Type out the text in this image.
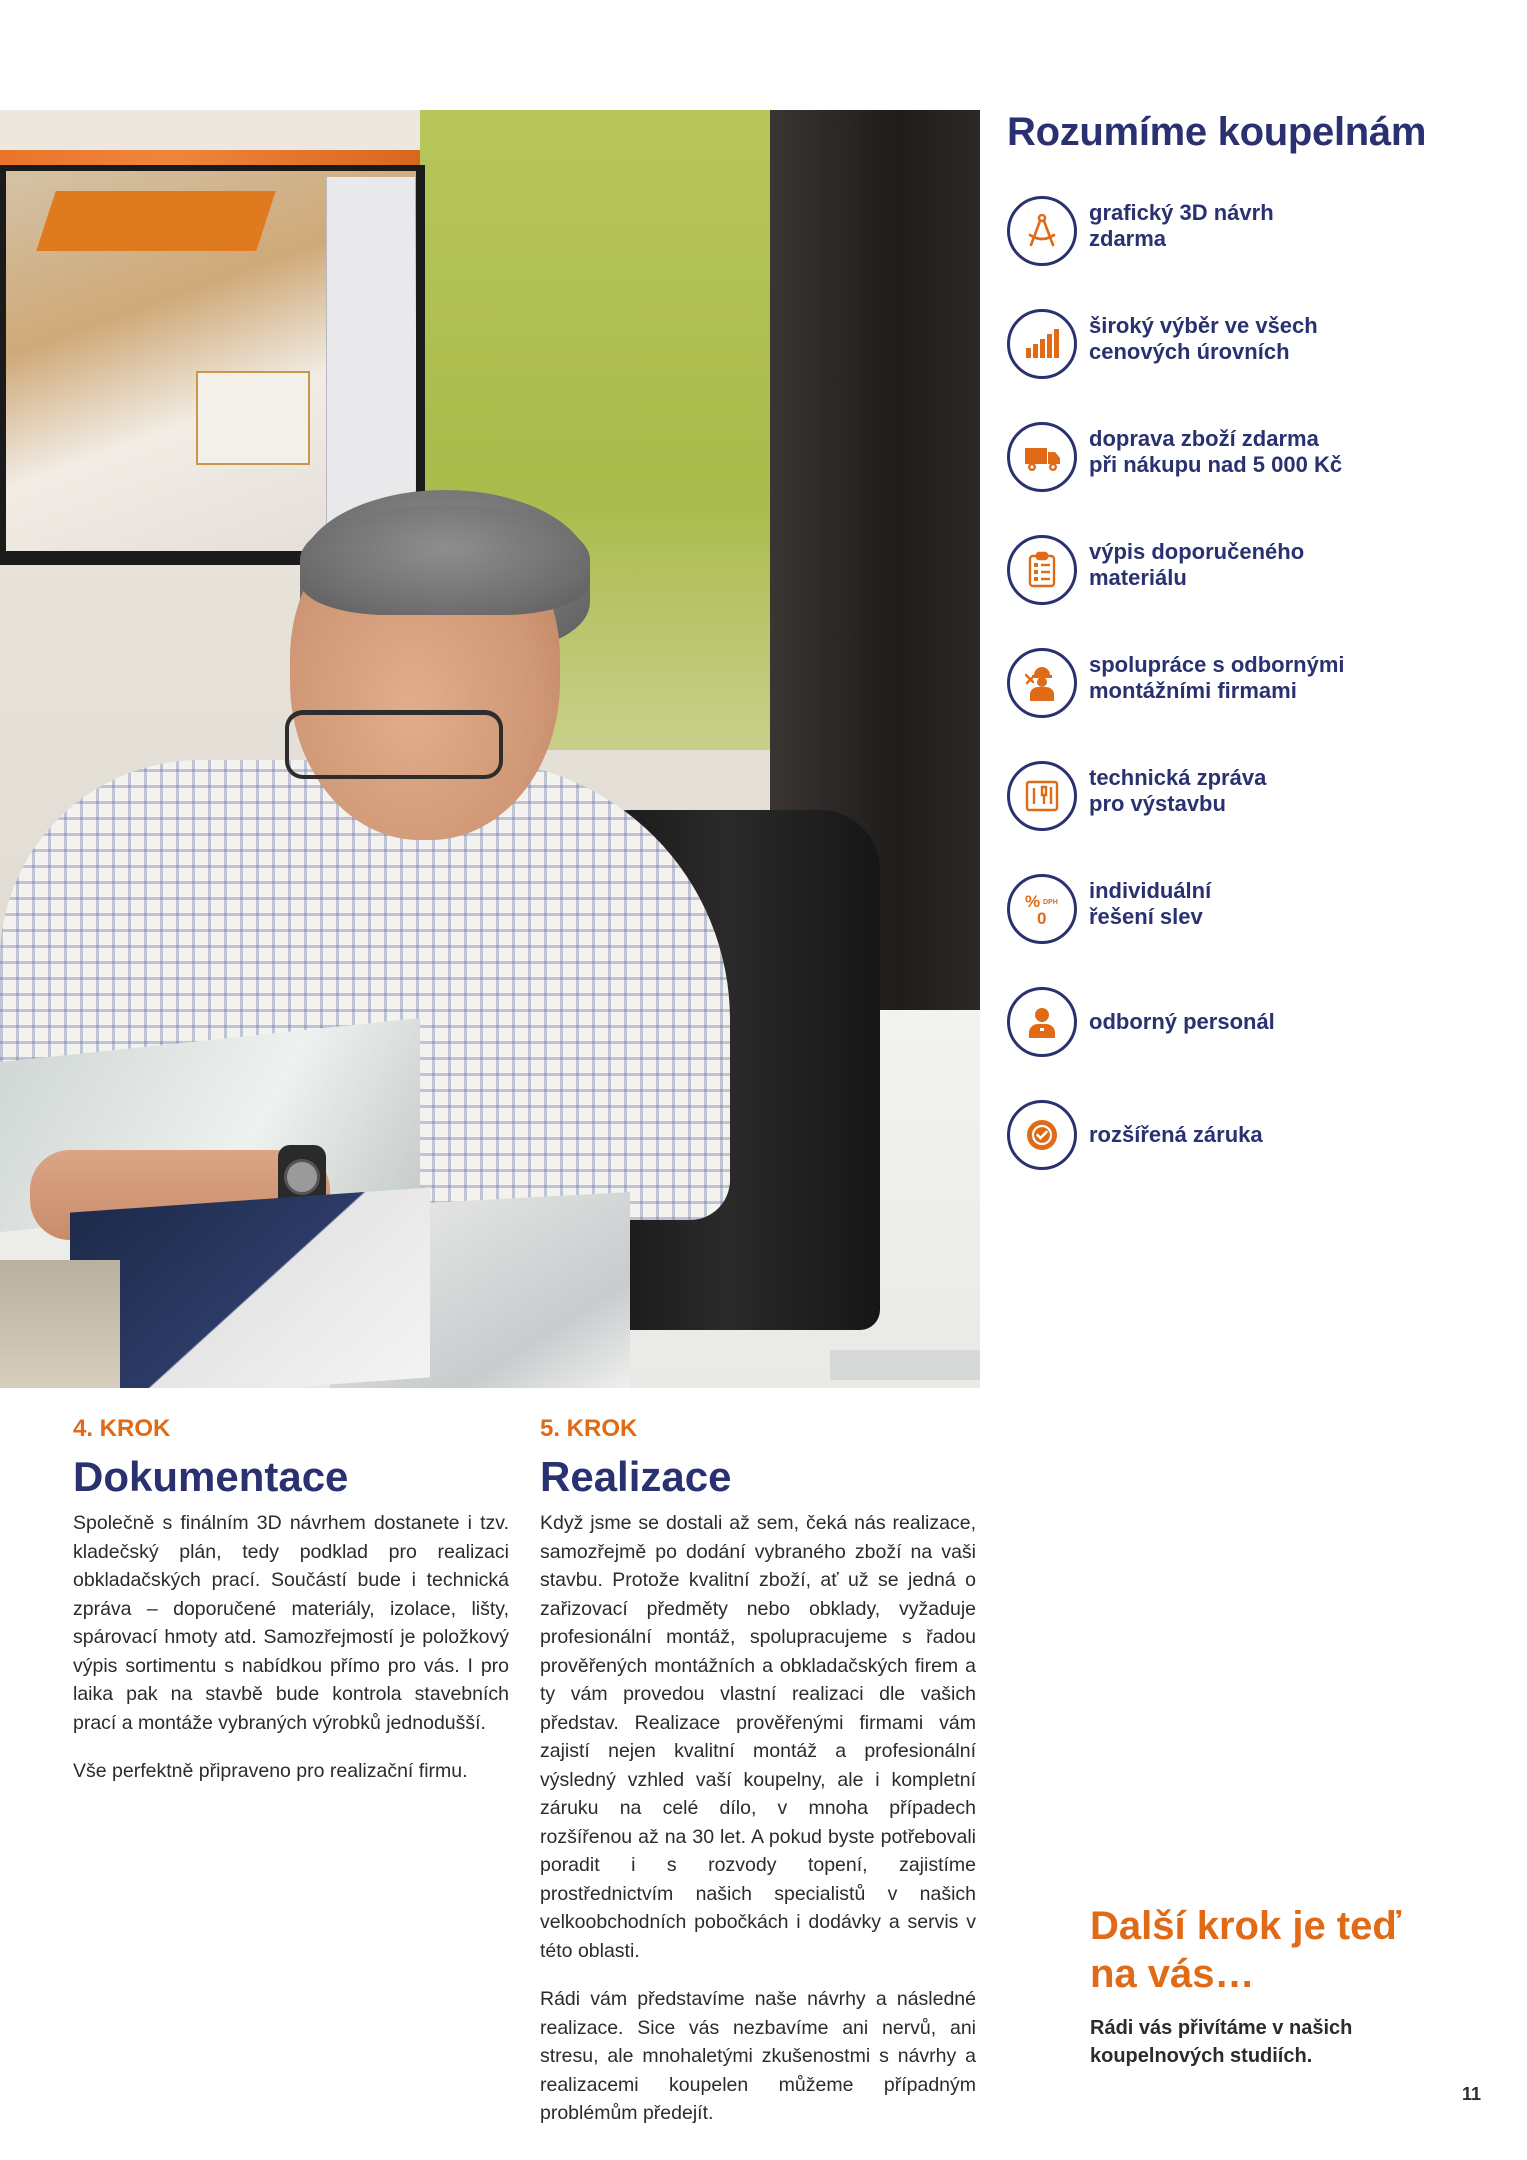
Rozumíme koupelnám
grafický 3D návrh
zdarma
široký výběr ve všech
cenových úrovních
doprava zboží zdarma
při nákupu nad 5 000 Kč
výpis doporučeného
materiálu
spolupráce s odbornými
montážními firmami
technická zpráva
pro výstavbu
% DPH
0
individuální
řešení slev
odborný personál
rozšířená záruka
4. KROK
Dokumentace

Společně s finálním 3D návrhem dostanete i tzv. kladečský plán, tedy podklad pro realizaci obkladačských prací. Součástí bude i technická zpráva – doporučené materiály, izolace, lišty, spárovací hmoty atd. Samozřejmostí je položkový výpis sortimentu s nabídkou přímo pro vás. I pro laika pak na stavbě bude kontrola stavebních prací a montáže vybraných výrobků jednodušší.

Vše perfektně připraveno pro realizační firmu.

5. KROK
Realizace

Když jsme se dostali až sem, čeká nás realizace, samozřejmě po dodání vybraného zboží na vaši stavbu. Protože kvalitní zboží, ať už se jedná o zařizovací předměty nebo obklady, vyžaduje profesionální montáž, spolupracujeme s řadou prověřených montážních a obkladačských firem a ty vám provedou vlastní realizaci dle vašich představ. Realizace prověřenými firmami vám zajistí nejen kvalitní montáž a profesionální výsledný vzhled vaší koupelny, ale i kompletní záruku na celé dílo, v mnoha případech rozšířenou až na 30 let. A pokud byste potřebovali poradit i s rozvody topení, zajistíme prostřednictvím našich specialistů v našich velkoobchodních pobočkách i dodávky a servis v této oblasti.

Rádi vám představíme naše návrhy a následné realizace. Sice vás nezbavíme ani nervů, ani stresu, ale mnohaletými zkušenostmi s návrhy a realizacemi koupelen můžeme případným problémům předejít.

Další krok je teď
na vás…

Rádi vás přivítáme v našich
koupelnových studiích.

11
